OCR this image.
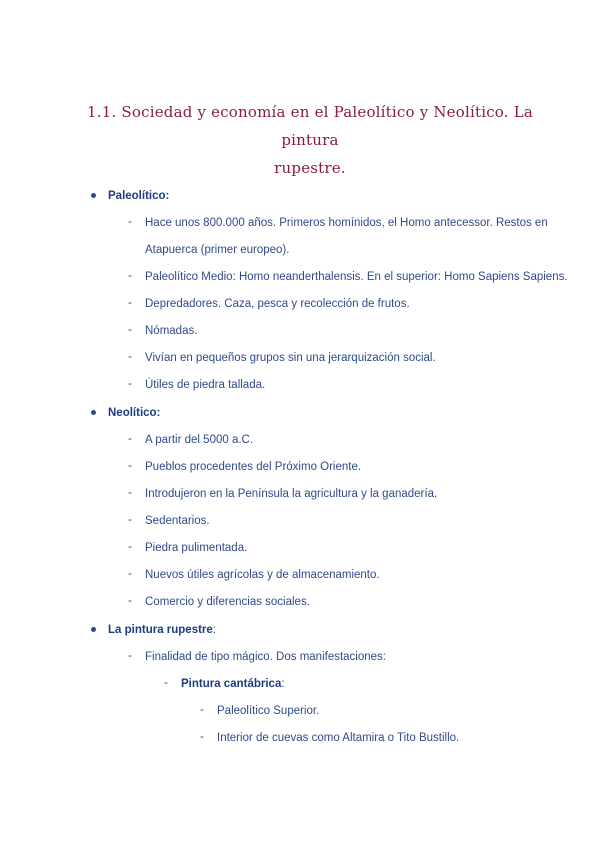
1.1. Sociedad y economía en el Paleolítico y Neolítico. La pintura
rupestre.
Paleolítico:
- Hace unos 800.000 años. Primeros homínidos, el Homo antecessor. Restos en
Atapuerca (primer europeo).
- Paleolítico Medio: Homo neanderthalensis. En el superior: Homo Sapiens Sapiens.
- Depredadores. Caza, pesca y recolección de frutos.
- Nómadas.
- Vivían en pequeños grupos sin una jerarquización social.
- Útiles de piedra tallada.
Neolítico:
- A partir del 5000 a.C.
- Pueblos procedentes del Próximo Oriente.
- Introdujeron en la Península la agricultura y la ganadería.
- Sedentarios.
- Piedra pulimentada.
- Nuevos útiles agrícolas y de almacenamiento.
- Comercio y diferencias sociales.
La pintura rupestre :
- Finalidad de tipo mágico. Dos manifestaciones:
- Pintura cantábrica :
- Paleolítico Superior.
- Interior de cuevas como Altamira o Tito Bustillo.
